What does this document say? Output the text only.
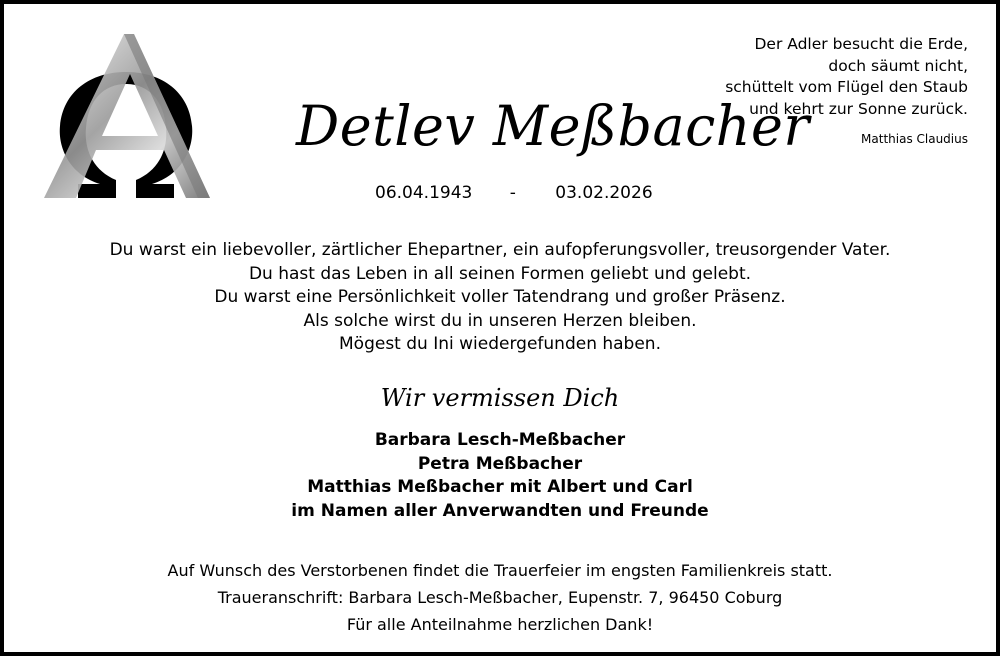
Der Adler besucht die Erde,
doch säumt nicht,
schüttelt vom Flügel den Staub
und kehrt zur Sonne zurück.
Matthias Claudius
Detlev Meßbacher
06.04.1943 - 03.02.2026
Du warst ein liebevoller, zärtlicher Ehepartner, ein aufopferungsvoller, treusorgender Vater.
Du hast das Leben in all seinen Formen geliebt und gelebt.
Du warst eine Persönlichkeit voller Tatendrang und großer Präsenz.
Als solche wirst du in unseren Herzen bleiben.
Mögest du Ini wiedergefunden haben.
Wir vermissen Dich
Barbara Lesch-Meßbacher
Petra Meßbacher
Matthias Meßbacher mit Albert und Carl
im Namen aller Anverwandten und Freunde
Auf Wunsch des Verstorbenen findet die Trauerfeier im engsten Familienkreis statt.
Traueranschrift: Barbara Lesch-Meßbacher, Eupenstr. 7, 96450 Coburg
Für alle Anteilnahme herzlichen Dank!
